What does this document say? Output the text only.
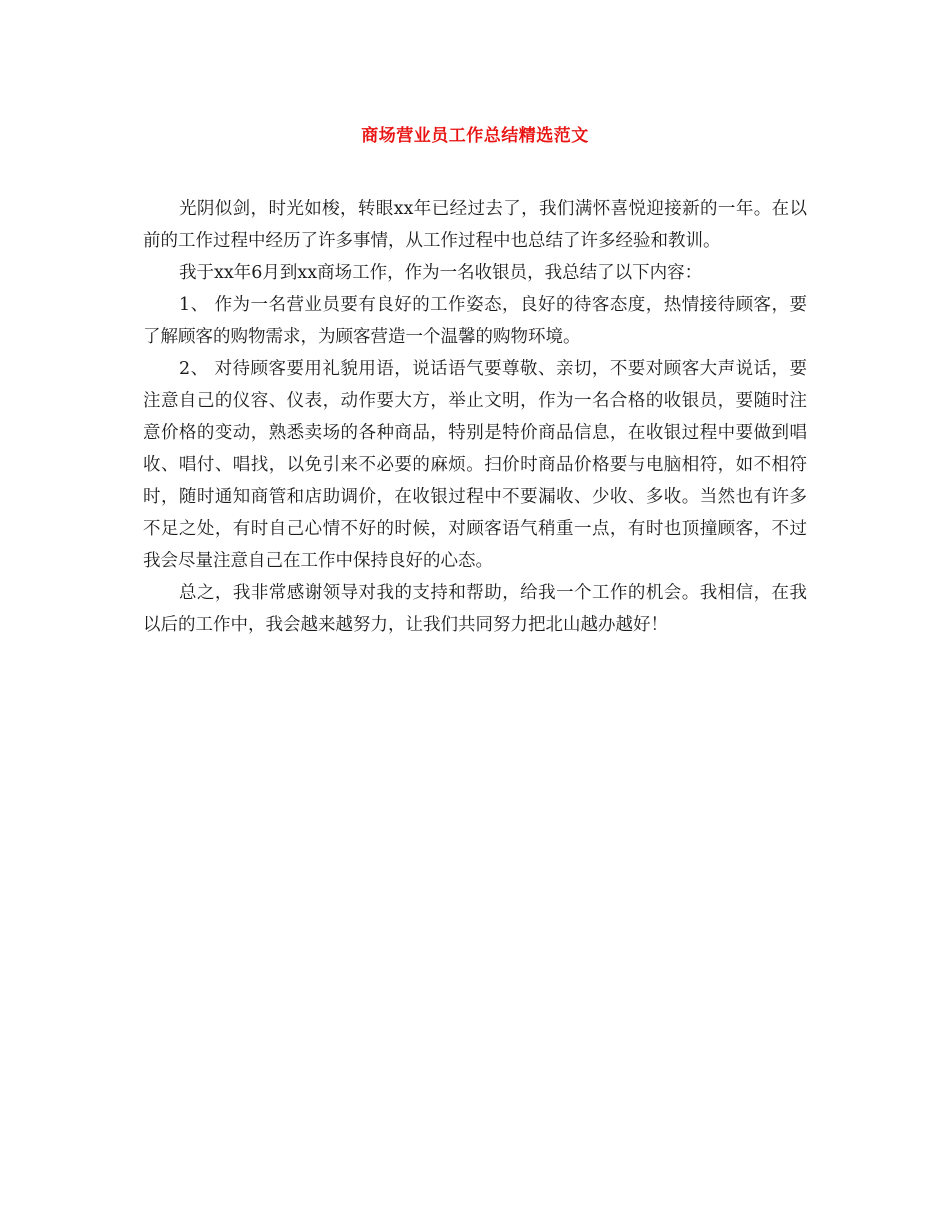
商场营业员工作总结精选范文

光阴似剑，时光如梭，转眼xx年已经过去了，我们满怀喜悦迎接新的一年。在以前的工作过程中经历了许多事情，从工作过程中也总结了许多经验和教训。

我于xx年6月到xx商场工作，作为一名收银员，我总结了以下内容：

1、 作为一名营业员要有良好的工作姿态，良好的待客态度，热情接待顾客，要了解顾客的购物需求，为顾客营造一个温馨的购物环境。

2、 对待顾客要用礼貌用语，说话语气要尊敬、亲切，不要对顾客大声说话，要注意自己的仪容、仪表，动作要大方，举止文明，作为一名合格的收银员，要随时注意价格的变动，熟悉卖场的各种商品，特别是特价商品信息，在收银过程中要做到唱收、唱付、唱找，以免引来不必要的麻烦。扫价时商品价格要与电脑相符，如不相符时，随时通知商管和店助调价，在收银过程中不要漏收、少收、多收。当然也有许多不足之处，有时自己心情不好的时候，对顾客语气稍重一点，有时也顶撞顾客，不过我会尽量注意自己在工作中保持良好的心态。

总之，我非常感谢领导对我的支持和帮助，给我一个工作的机会。我相信，在我以后的工作中，我会越来越努力，让我们共同努力把北山越办越好！
